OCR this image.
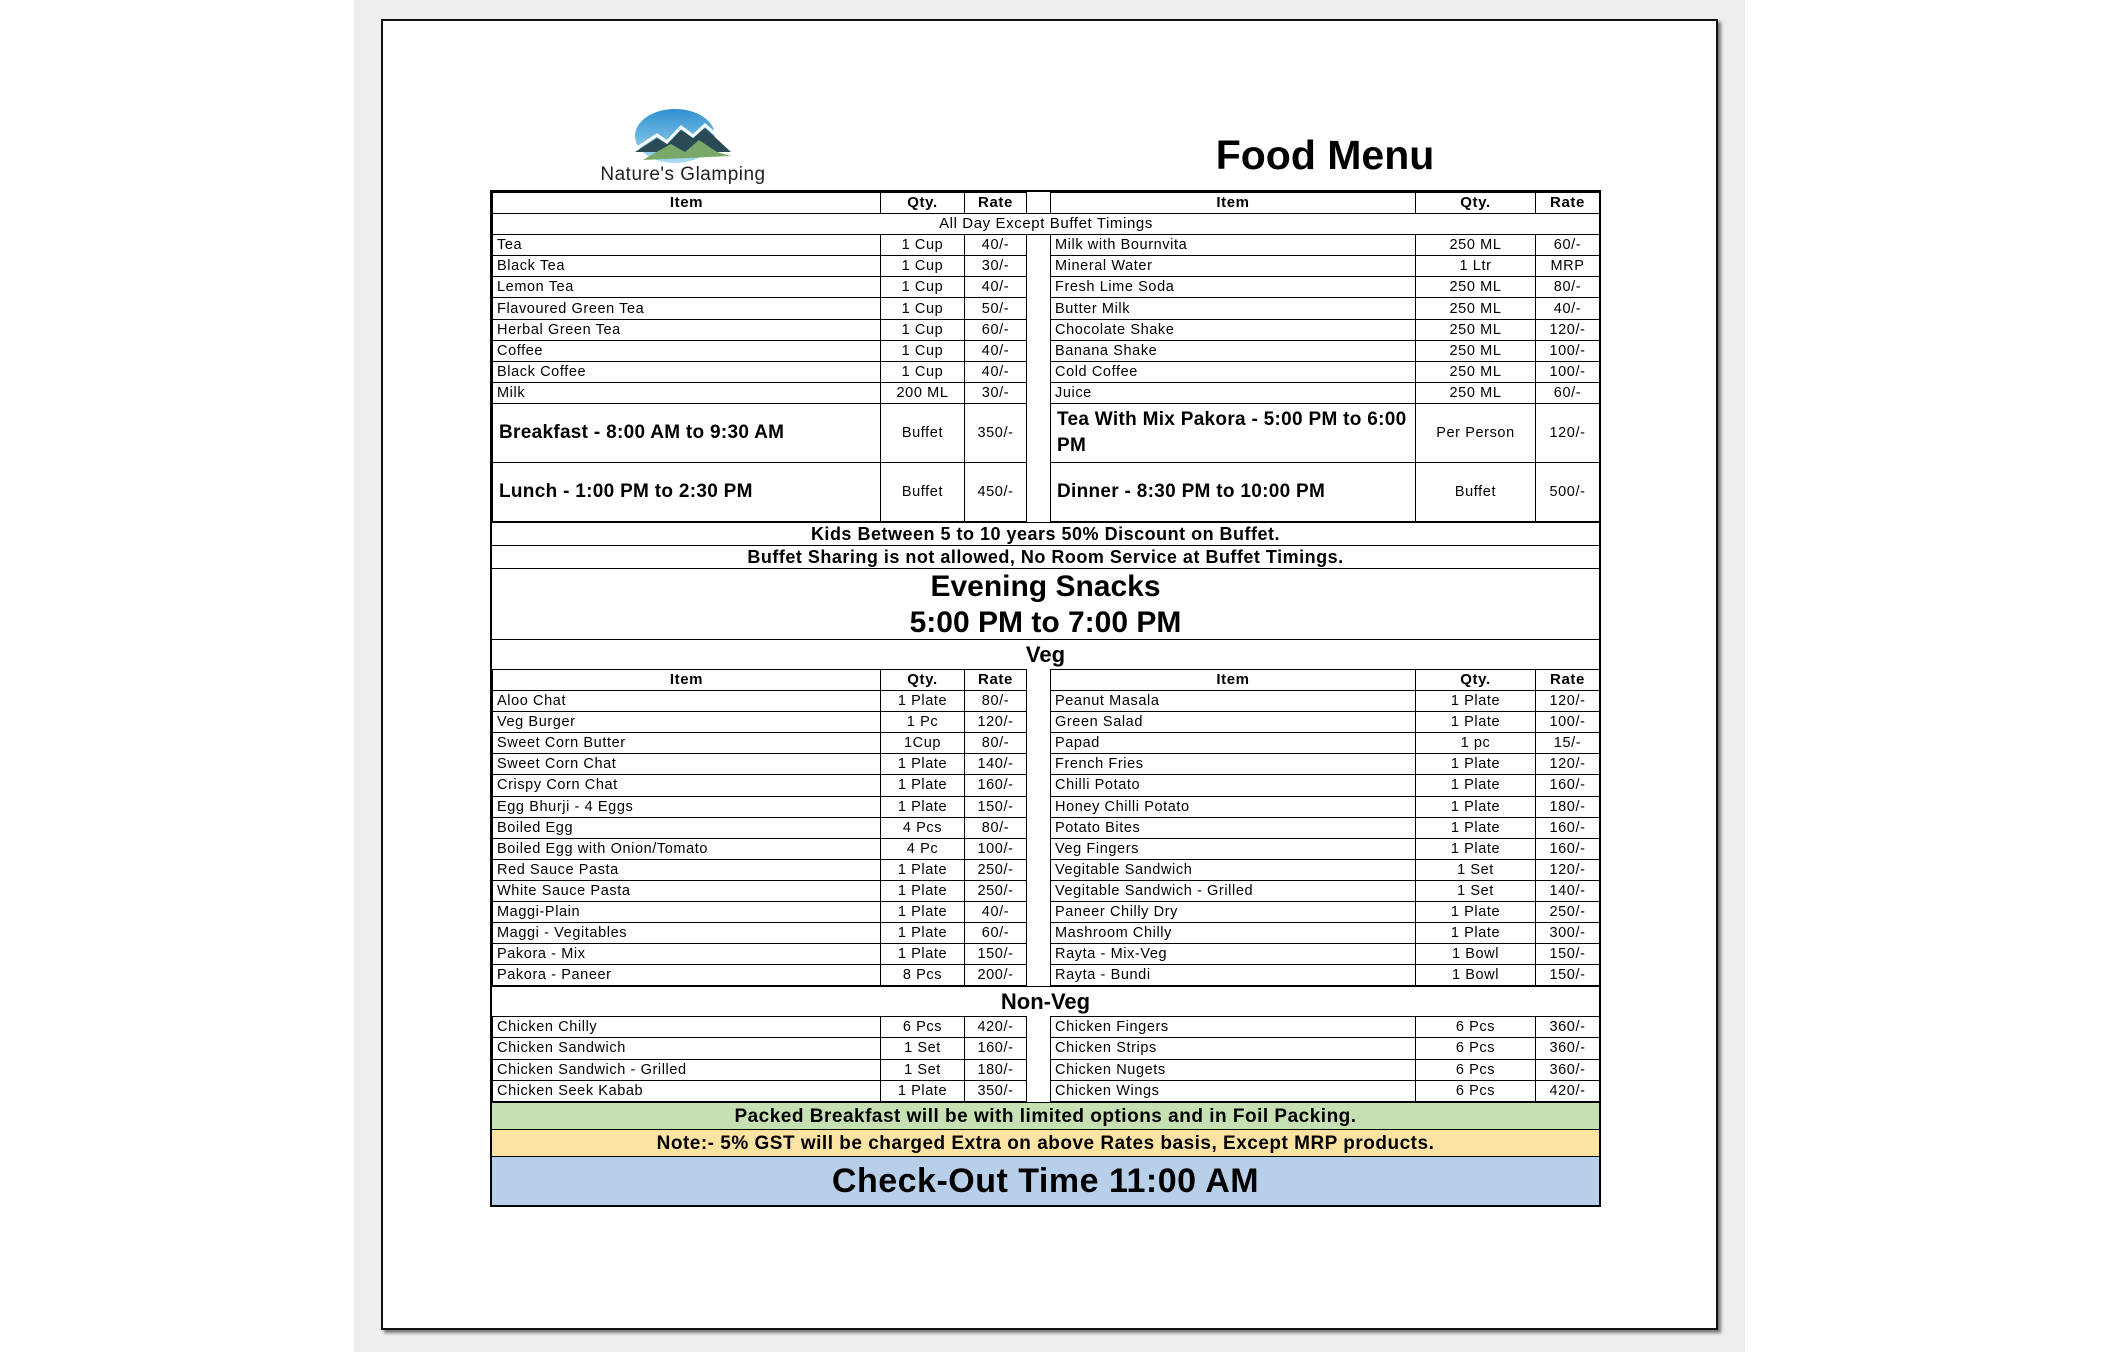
Nature's Glamping	Food Menu
Item	Qty.	Rate		Item	Qty.	Rate
All Day Except Buffet Timings						
Tea	1 Cup	40/-		Milk with Bournvita	250 ML	60/-
Black Tea	1 Cup	30/-		Mineral Water	1 Ltr	MRP
Lemon Tea	1 Cup	40/-		Fresh Lime Soda	250 ML	80/-
Flavoured Green Tea	1 Cup	50/-		Butter Milk	250 ML	40/-
Herbal Green Tea	1 Cup	60/-		Chocolate Shake	250 ML	120/-
Coffee	1 Cup	40/-		Banana Shake	250 ML	100/-
Black Coffee	1 Cup	40/-		Cold Coffee	250 ML	100/-
Milk	200 ML	30/-		Juice	250 ML	60/-
Breakfast - 8:00 AM to 9:30 AM	Buffet	350/-		Tea With Mix Pakora - 5:00 PM to 6:00 PM	Per Person	120/-
Lunch - 1:00 PM to 2:30 PM	Buffet	450/-		Dinner - 8:30 PM to 10:00 PM	Buffet	500/-
Kids Between 5 to 10 years 50% Discount on Buffet.
Buffet Sharing is not allowed, No Room Service at Buffet Timings.
Evening Snacks
5:00 PM to 7:00 PM
Veg
Item	Qty.	Rate		Item	Qty.	Rate
Aloo Chat	1 Plate	80/-		Peanut Masala	1 Plate	120/-
Veg Burger	1 Pc	120/-		Green Salad	1 Plate	100/-
Sweet Corn Butter	1Cup	80/-		Papad	1 pc	15/-
Sweet Corn Chat	1 Plate	140/-		French Fries	1 Plate	120/-
Crispy Corn Chat	1 Plate	160/-		Chilli Potato	1 Plate	160/-
Egg Bhurji - 4 Eggs	1 Plate	150/-		Honey Chilli Potato	1 Plate	180/-
Boiled Egg	4 Pcs	80/-		Potato Bites	1 Plate	160/-
Boiled Egg with Onion/Tomato	4 Pc	100/-		Veg Fingers	1 Plate	160/-
Red Sauce Pasta	1 Plate	250/-		Vegitable Sandwich	1 Set	120/-
White Sauce Pasta	1 Plate	250/-		Vegitable Sandwich - Grilled	1 Set	140/-
Maggi-Plain	1 Plate	40/-		Paneer Chilly Dry	1 Plate	250/-
Maggi - Vegitables	1 Plate	60/-		Mashroom Chilly	1 Plate	300/-
Pakora - Mix	1 Plate	150/-		Rayta - Mix-Veg	1 Bowl	150/-
Pakora - Paneer	8 Pcs	200/-		Rayta - Bundi	1 Bowl	150/-
Non-Veg
Chicken Chilly	6 Pcs	420/-		Chicken Fingers	6 Pcs	360/-
Chicken Sandwich	1 Set	160/-		Chicken Strips	6 Pcs	360/-
Chicken Sandwich - Grilled	1 Set	180/-		Chicken Nugets	6 Pcs	360/-
Chicken Seek Kabab	1 Plate	350/-		Chicken Wings	6 Pcs	420/-
Packed Breakfast will be with limited options and in Foil Packing.
Note:- 5% GST will be charged Extra on above Rates basis, Except MRP products.
Check-Out Time 11:00 AM
